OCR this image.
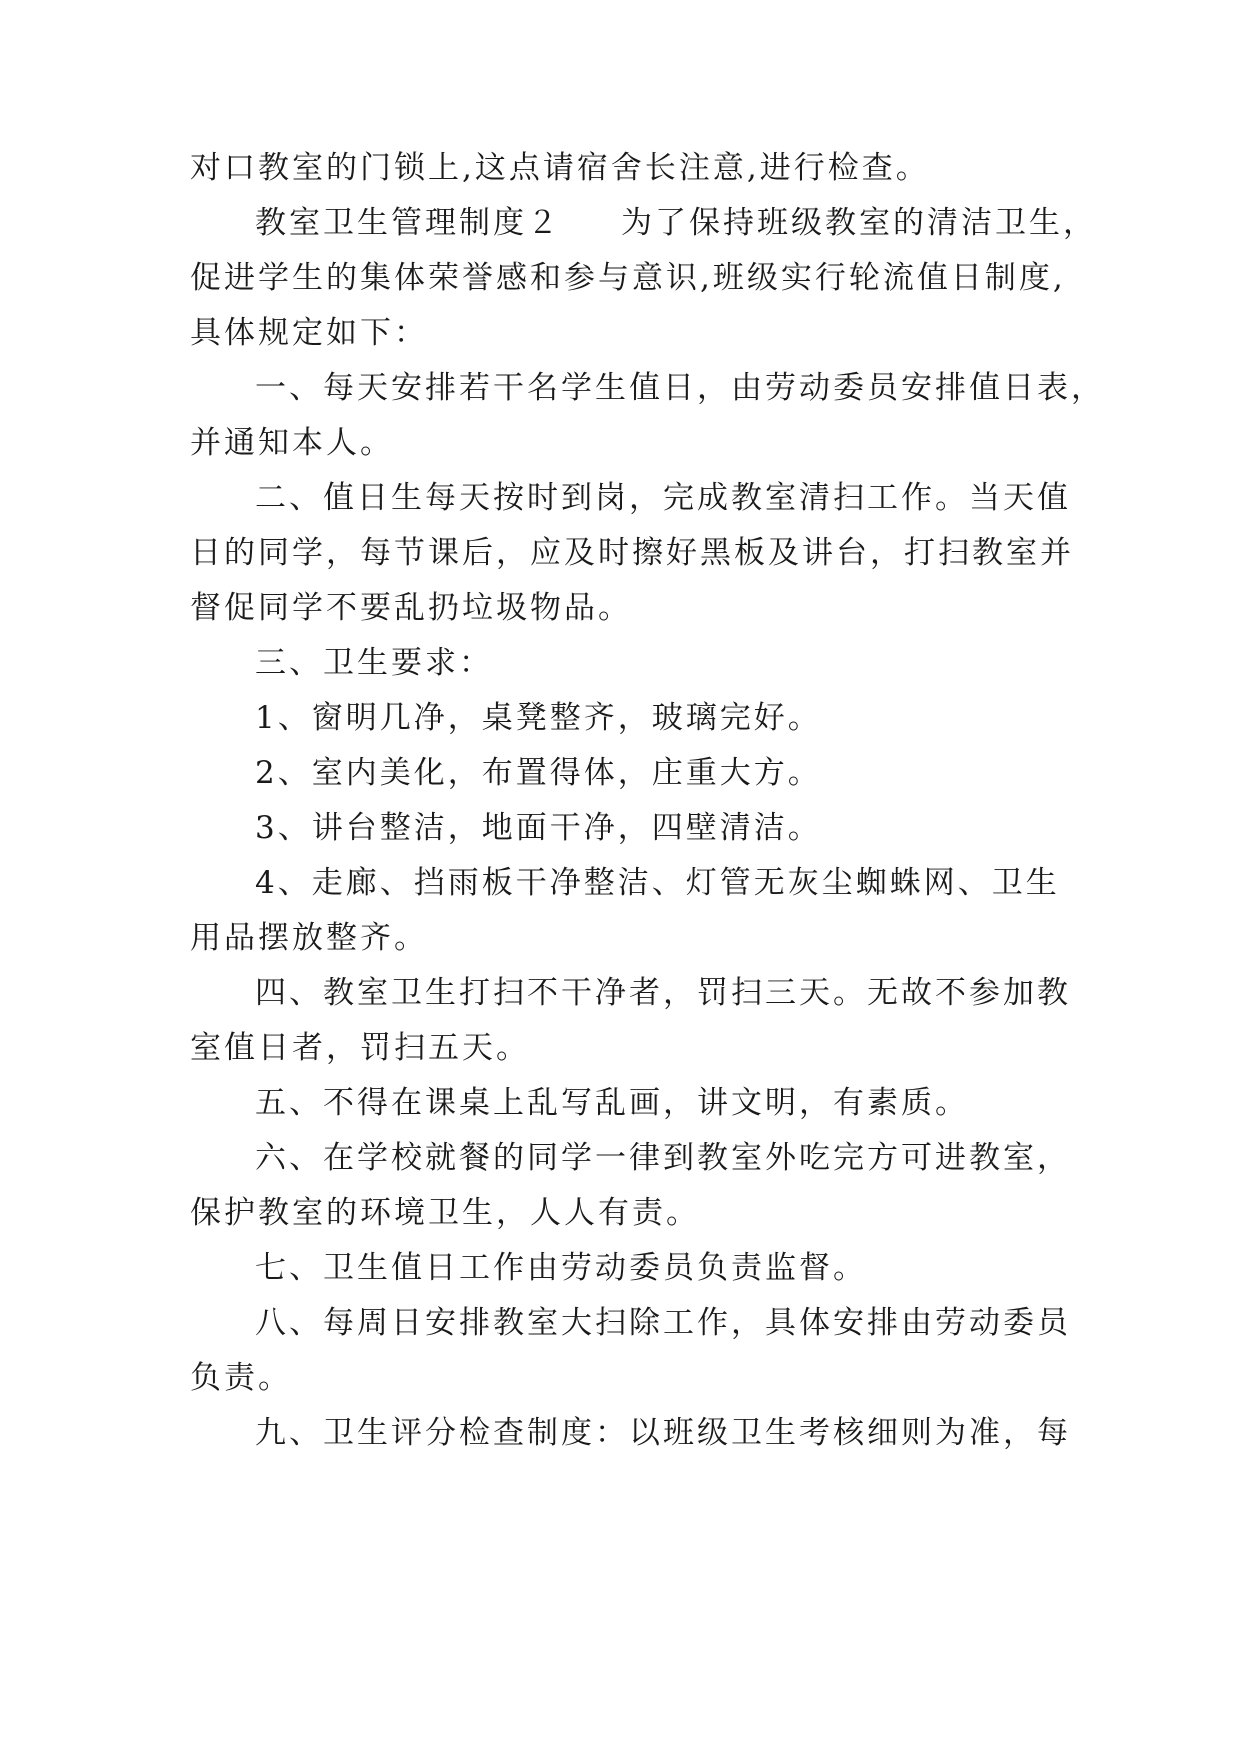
对口教室的门锁上,这点请宿舍长注意,进行检查。
教室卫生管理制度２ 为了保持班级教室的清洁卫生，
促进学生的集体荣誉感和参与意识,班级实行轮流值日制度,
具体规定如下：
一、每天安排若干名学生值日，由劳动委员安排值日表，
并通知本人。
二、值日生每天按时到岗，完成教室清扫工作。当天值
日的同学，每节课后，应及时擦好黑板及讲台，打扫教室并
督促同学不要乱扔垃圾物品。
三、卫生要求：
1、窗明几净，桌凳整齐，玻璃完好。
2、室内美化，布置得体，庄重大方。
3、讲台整洁，地面干净，四壁清洁。
4、走廊、挡雨板干净整洁、灯管无灰尘蜘蛛网、卫生
用品摆放整齐。
四、教室卫生打扫不干净者，罚扫三天。无故不参加教
室值日者，罚扫五天。
五、不得在课桌上乱写乱画，讲文明，有素质。
六、在学校就餐的同学一律到教室外吃完方可进教室，
保护教室的环境卫生，人人有责。
七、卫生值日工作由劳动委员负责监督。
八、每周日安排教室大扫除工作，具体安排由劳动委员
负责。
九、卫生评分检查制度：以班级卫生考核细则为准，每
